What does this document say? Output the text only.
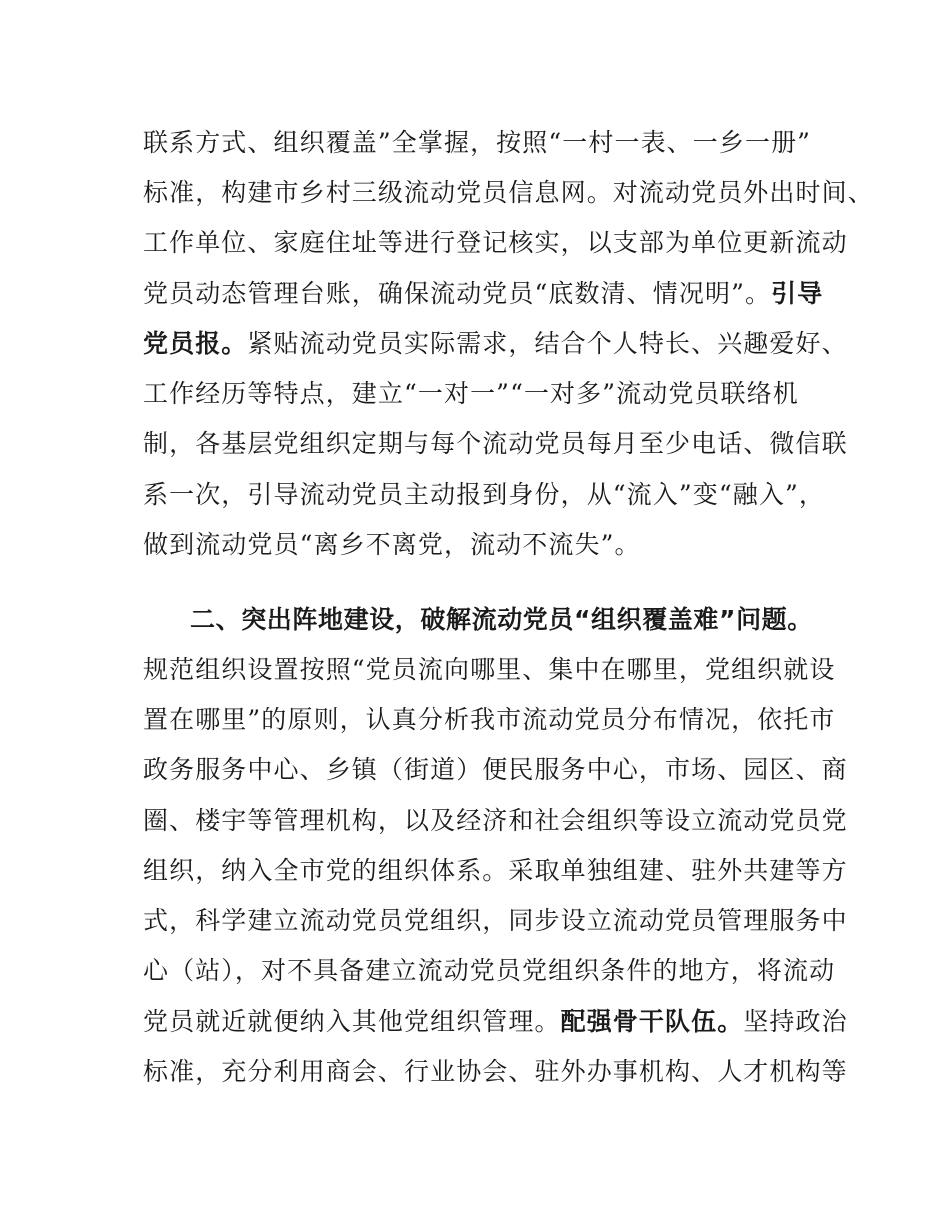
联系方式、组织覆盖”全掌握，按照“一村一表、一乡一册”
标准，构建市乡村三级流动党员信息网。对流动党员外出时间、
工作单位、家庭住址等进行登记核实，以支部为单位更新流动
党员动态管理台账，确保流动党员“底数清、情况明”。引导
党员报。紧贴流动党员实际需求，结合个人特长、兴趣爱好、
工作经历等特点，建立“一对一”“一对多”流动党员联络机
制，各基层党组织定期与每个流动党员每月至少电话、微信联
系一次，引导流动党员主动报到身份，从“流入”变“融入”，
做到流动党员“离乡不离党，流动不流失”。
二、突出阵地建设，破解流动党员“组织覆盖难”问题。
规范组织设置按照“党员流向哪里、集中在哪里，党组织就设
置在哪里”的原则，认真分析我市流动党员分布情况，依托市
政务服务中心、乡镇（街道）便民服务中心，市场、园区、商
圈、楼宇等管理机构，以及经济和社会组织等设立流动党员党
组织，纳入全市党的组织体系。采取单独组建、驻外共建等方
式，科学建立流动党员党组织，同步设立流动党员管理服务中
心（站），对不具备建立流动党员党组织条件的地方，将流动
党员就近就便纳入其他党组织管理。配强骨干队伍。坚持政治
标准，充分利用商会、行业协会、驻外办事机构、人才机构等
